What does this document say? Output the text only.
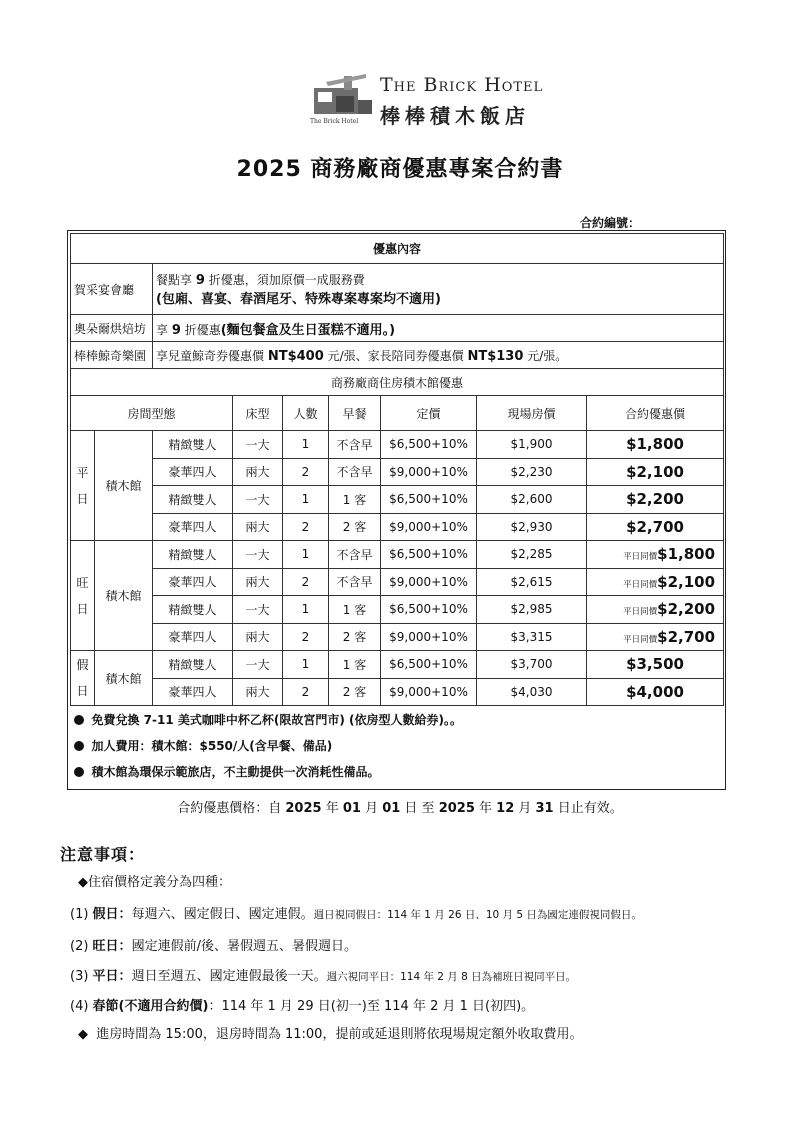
The Brick Hotel
The Brick Hotel
棒棒積木飯店
2025 商務廠商優惠專案合約書
合約編號：
優惠內容								
賀采宴會廳		餐點享 9 折優惠，須加原價一成服務費
(包廂、喜宴、春酒尾牙、特殊專案專案均不適用)						

奧朵爾烘焙坊		享 9 折優惠(麵包餐盒及生日蛋糕不適用。)						
棒棒鯨奇樂園		享兒童鯨奇券優惠價 NT$400 元/張、家長陪同券優惠價 NT$130 元/張。						
商務廠商住房積木館優惠								
房間型態			床型	人數	早餐	定價	現場房價	合約優惠價

平
日	積木館	精緻雙人	一大	1	不含早	$6,500+10%	$1,900	$1,800
		豪華四人	兩大	2	不含早	$9,000+10%	$2,230	$2,100
		精緻雙人	一大	1	1 客	$6,500+10%	$2,600	$2,200
		豪華四人	兩大	2	2 客	$9,000+10%	$2,930	$2,700

旺
日	積木館	精緻雙人	一大	1	不含早	$6,500+10%	$2,285	平日同價$1,800
		豪華四人	兩大	2	不含早	$9,000+10%	$2,615	平日同價$2,100
		精緻雙人	一大	1	1 客	$6,500+10%	$2,985	平日同價$2,200
		豪華四人	兩大	2	2 客	$9,000+10%	$3,315	平日同價$2,700

假
日	積木館	精緻雙人	一大	1	1 客	$6,500+10%	$3,700	$3,500
		豪華四人	兩大	2	2 客	$9,000+10%	$4,030	$4,000
免費兌換 7-11 美式咖啡中杯乙杯(限故宮門市) (依房型人數給券)。。								
加人費用：積木館：$550/人(含早餐、備品)								
積木館為環保示範旅店，不主動提供一次消耗性備品。								
合約優惠價格：自 2025 年 01 月 01 日 至 2025 年 12 月 31 日止有效。
注意事項：
◆住宿價格定義分為四種：
(1) 假日：每週六、國定假日、國定連假。週日視同假日：114 年 1 月 26 日、10 月 5 日為國定連假視同假日。
(2) 旺日：國定連假前/後、暑假週五、暑假週日。
(3) 平日：週日至週五、國定連假最後一天。週六視同平日：114 年 2 月 8 日為補班日視同平日。
(4) 春節(不適用合約價)：114 年 1 月 29 日(初一)至 114 年 2 月 1 日(初四)。
◆ 進房時間為 15:00，退房時間為 11:00，提前或延退則將依現場規定額外收取費用。
